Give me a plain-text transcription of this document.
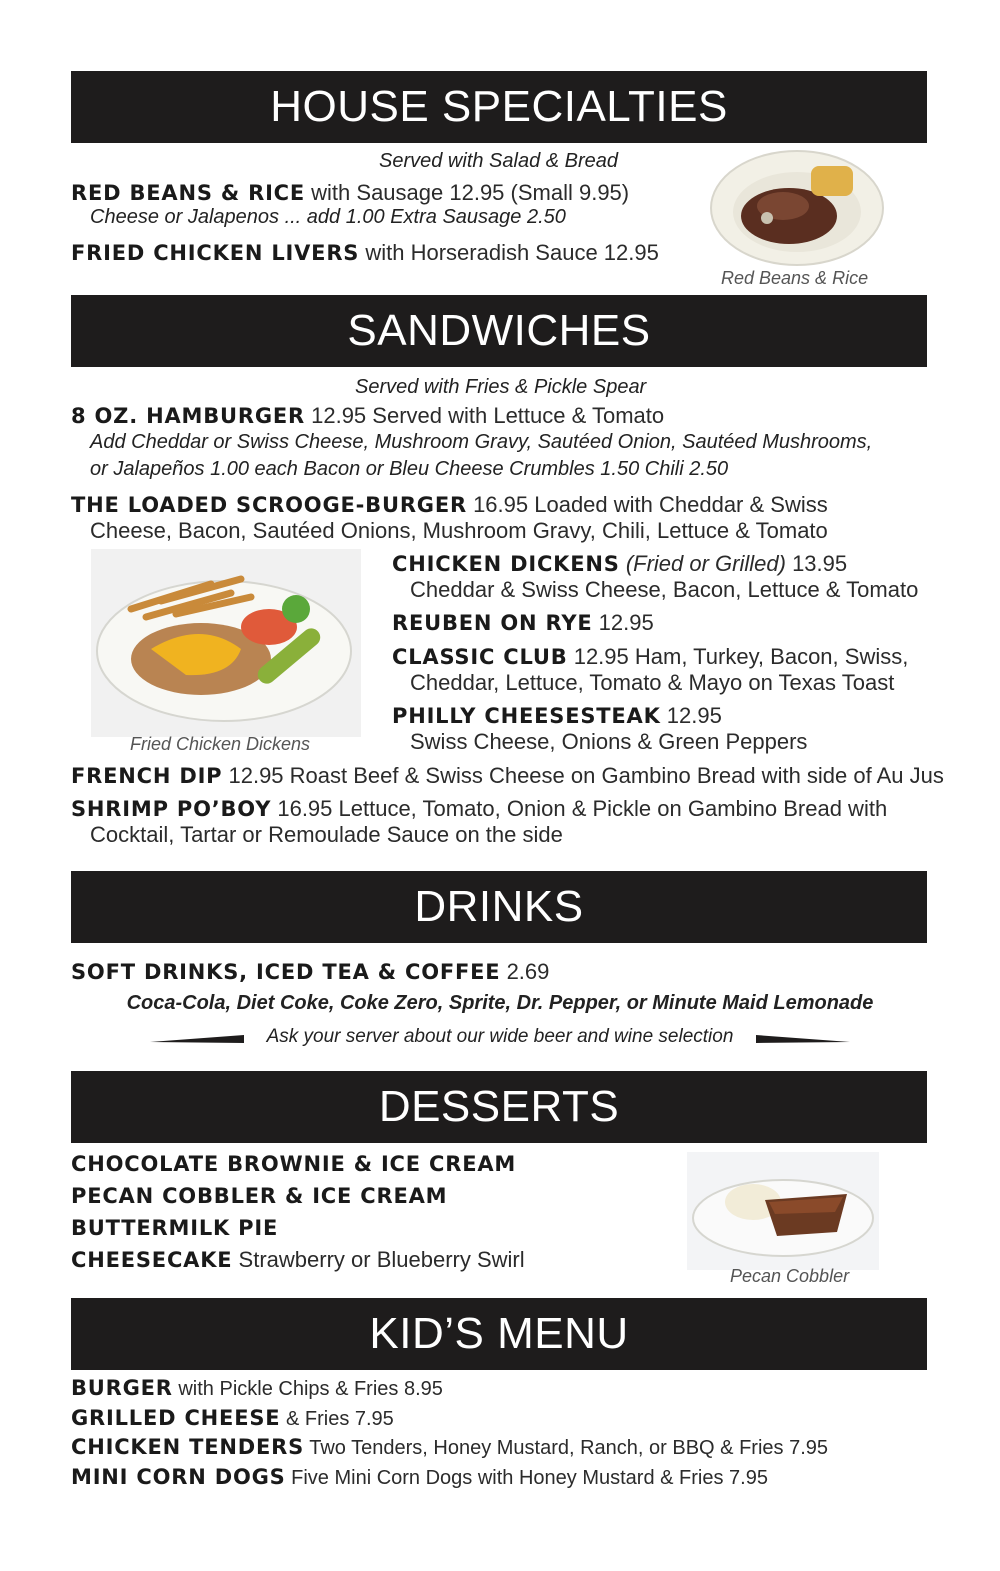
HOUSE SPECIALTIES
Served with Salad & Bread
RED BEANS & RICE with Sausage 12.95 (Small 9.95)
Cheese or Jalapenos ... add 1.00 Extra Sausage 2.50
FRIED CHICKEN LIVERS with Horseradish Sauce 12.95
Red Beans & Rice
SANDWICHES
Served with Fries & Pickle Spear
8 OZ. HAMBURGER 12.95 Served with Lettuce & Tomato
Add Cheddar or Swiss Cheese, Mushroom Gravy, Sautéed Onion, Sautéed Mushrooms,
or Jalapeños 1.00 each Bacon or Bleu Cheese Crumbles 1.50 Chili 2.50
THE LOADED SCROOGE-BURGER 16.95 Loaded with Cheddar & Swiss
Cheese, Bacon, Sautéed Onions, Mushroom Gravy, Chili, Lettuce & Tomato
Fried Chicken Dickens
CHICKEN DICKENS (Fried or Grilled) 13.95
Cheddar & Swiss Cheese, Bacon, Lettuce & Tomato
REUBEN ON RYE 12.95
CLASSIC CLUB 12.95 Ham, Turkey, Bacon, Swiss,
Cheddar, Lettuce, Tomato & Mayo on Texas Toast
PHILLY CHEESESTEAK 12.95
Swiss Cheese, Onions & Green Peppers
FRENCH DIP 12.95 Roast Beef & Swiss Cheese on Gambino Bread with side of Au Jus
SHRIMP PO’BOY 16.95 Lettuce, Tomato, Onion & Pickle on Gambino Bread with
Cocktail, Tartar or Remoulade Sauce on the side
DRINKS
SOFT DRINKS, ICED TEA & COFFEE 2.69
Coca-Cola, Diet Coke, Coke Zero, Sprite, Dr. Pepper, or Minute Maid Lemonade
Ask your server about our wide beer and wine selection
DESSERTS
CHOCOLATE BROWNIE & ICE CREAM
PECAN COBBLER & ICE CREAM
BUTTERMILK PIE
CHEESECAKE Strawberry or Blueberry Swirl
Pecan Cobbler
KID’S MENU
BURGER with Pickle Chips & Fries 8.95
GRILLED CHEESE & Fries 7.95
CHICKEN TENDERS Two Tenders, Honey Mustard, Ranch, or BBQ & Fries 7.95
MINI CORN DOGS Five Mini Corn Dogs with Honey Mustard & Fries 7.95
